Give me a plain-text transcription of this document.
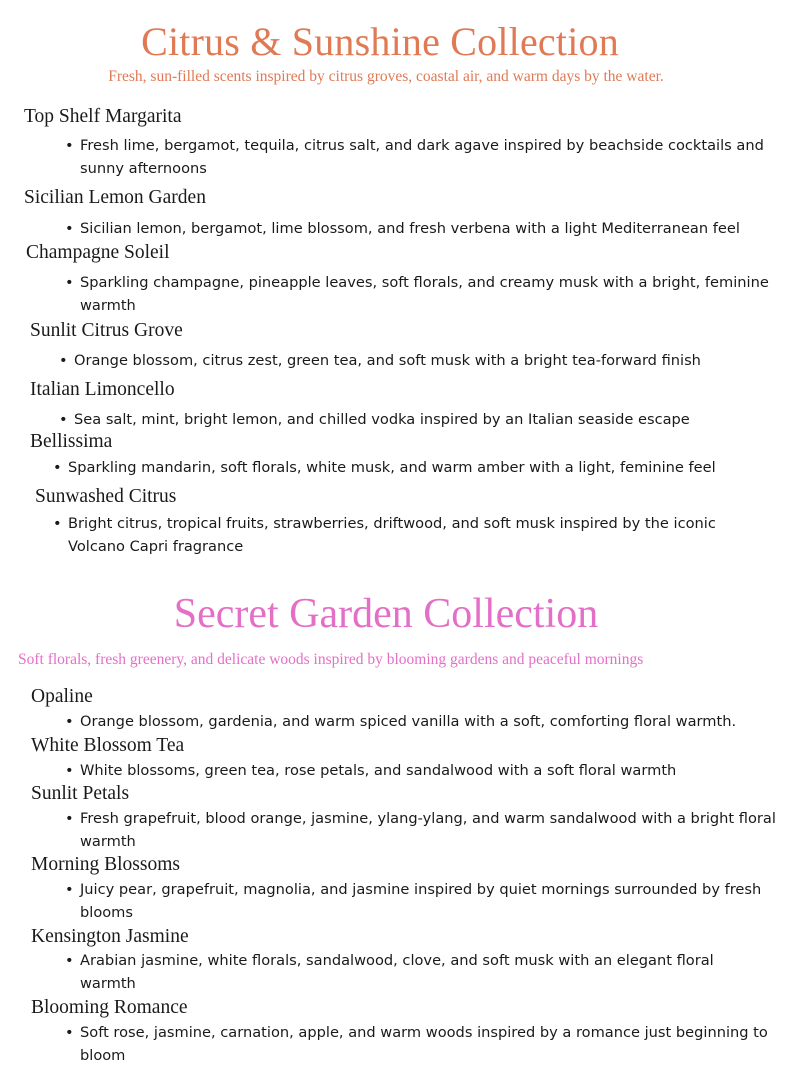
Citrus & Sunshine Collection
Fresh, sun-filled scents inspired by citrus groves, coastal air, and warm days by the water.
Top Shelf Margarita
• Fresh lime, bergamot, tequila, citrus salt, and dark agave inspired by beachside cocktails and sunny afternoons
Sicilian Lemon Garden
• Sicilian lemon, bergamot, lime blossom, and fresh verbena with a light Mediterranean feel
Champagne Soleil
• Sparkling champagne, pineapple leaves, soft florals, and creamy musk with a bright, feminine warmth
Sunlit Citrus Grove
• Orange blossom, citrus zest, green tea, and soft musk with a bright tea-forward finish
Italian Limoncello
• Sea salt, mint, bright lemon, and chilled vodka inspired by an Italian seaside escape
Bellissima
• Sparkling mandarin, soft florals, white musk, and warm amber with a light, feminine feel
Sunwashed Citrus
• Bright citrus, tropical fruits, strawberries, driftwood, and soft musk inspired by the iconic Volcano Capri fragrance
Secret Garden Collection
Soft florals, fresh greenery, and delicate woods inspired by blooming gardens and peaceful mornings
Opaline
• Orange blossom, gardenia, and warm spiced vanilla with a soft, comforting floral warmth.
White Blossom Tea
• White blossoms, green tea, rose petals, and sandalwood with a soft floral warmth
Sunlit Petals
• Fresh grapefruit, blood orange, jasmine, ylang-ylang, and warm sandalwood with a bright floral warmth
Morning Blossoms
• Juicy pear, grapefruit, magnolia, and jasmine inspired by quiet mornings surrounded by fresh blooms
Kensington Jasmine
• Arabian jasmine, white florals, sandalwood, clove, and soft musk with an elegant floral warmth
Blooming Romance
• Soft rose, jasmine, carnation, apple, and warm woods inspired by a romance just beginning to bloom
